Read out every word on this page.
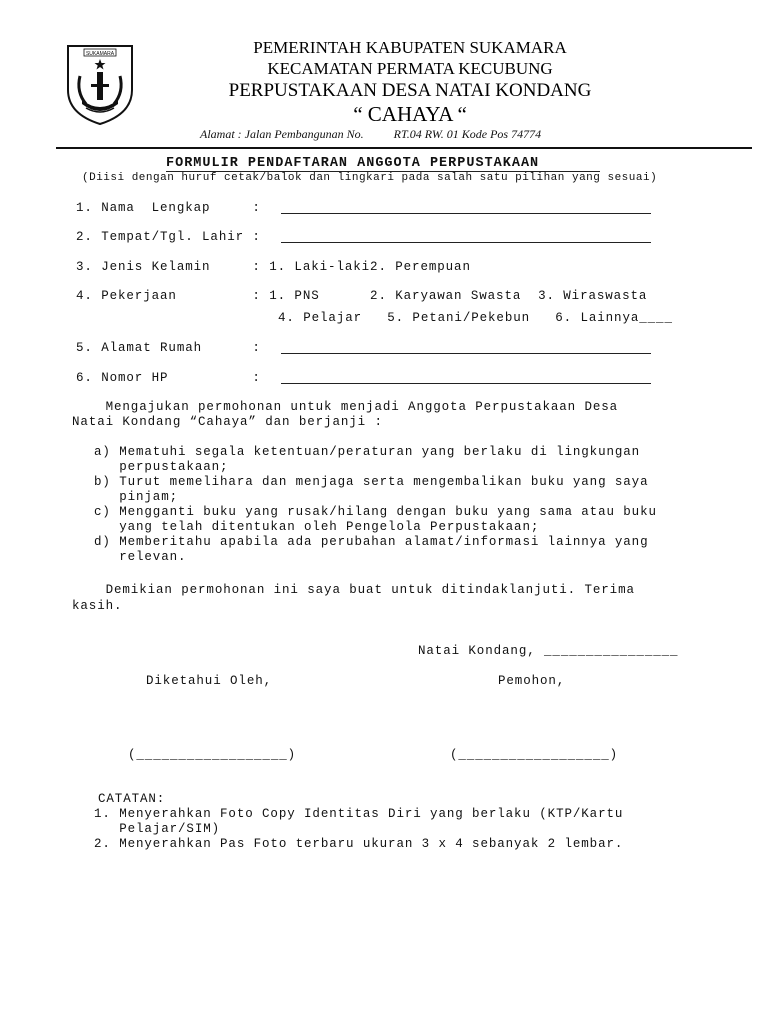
SUKAMARA	PEMERINTAH KABUPATEN SUKAMARA
KECAMATAN PERMATA KECUBUNG
PERPUSTAKAAN DESA NATAI KONDANG
“ CAHAYA “
Alamat : Jalan Pembangunan No.          RT.04 RW. 01 Kode Pos 74774
FORMULIR PENDAFTARAN ANGGOTA PERPUSTAKAAN
(Diisi dengan huruf cetak/balok dan lingkari pada salah satu pilihan yang sesuai)
1. Nama  Lengkap     :
2. Tempat/Tgl. Lahir :
3. Jenis Kelamin     : 1. Laki-laki2. Perempuan
4. Pekerjaan         : 1. PNS      2. Karyawan Swasta  3. Wiraswasta
4. Pelajar   5. Petani/Pekebun   6. Lainnya____
5. Alamat Rumah      :
6. Nomor HP          :
Mengajukan permohonan untuk menjadi Anggota Perpustakaan Desa
Natai Kondang “Cahaya” dan berjanji :
a) Mematuhi segala ketentuan/peraturan yang berlaku di lingkungan
perpustakaan;
b) Turut memelihara dan menjaga serta mengembalikan buku yang saya
pinjam;
c) Mengganti buku yang rusak/hilang dengan buku yang sama atau buku
yang telah ditentukan oleh Pengelola Perpustakaan;
d) Memberitahu apabila ada perubahan alamat/informasi lainnya yang
relevan.
Demikian permohonan ini saya buat untuk ditindaklanjuti. Terima
kasih.
Natai Kondang, ________________
Diketahui Oleh,	Pemohon,
(__________________)	(__________________)
CATATAN:
1. Menyerahkan Foto Copy Identitas Diri yang berlaku (KTP/Kartu
Pelajar/SIM)
2. Menyerahkan Pas Foto terbaru ukuran 3 x 4 sebanyak 2 lembar.
